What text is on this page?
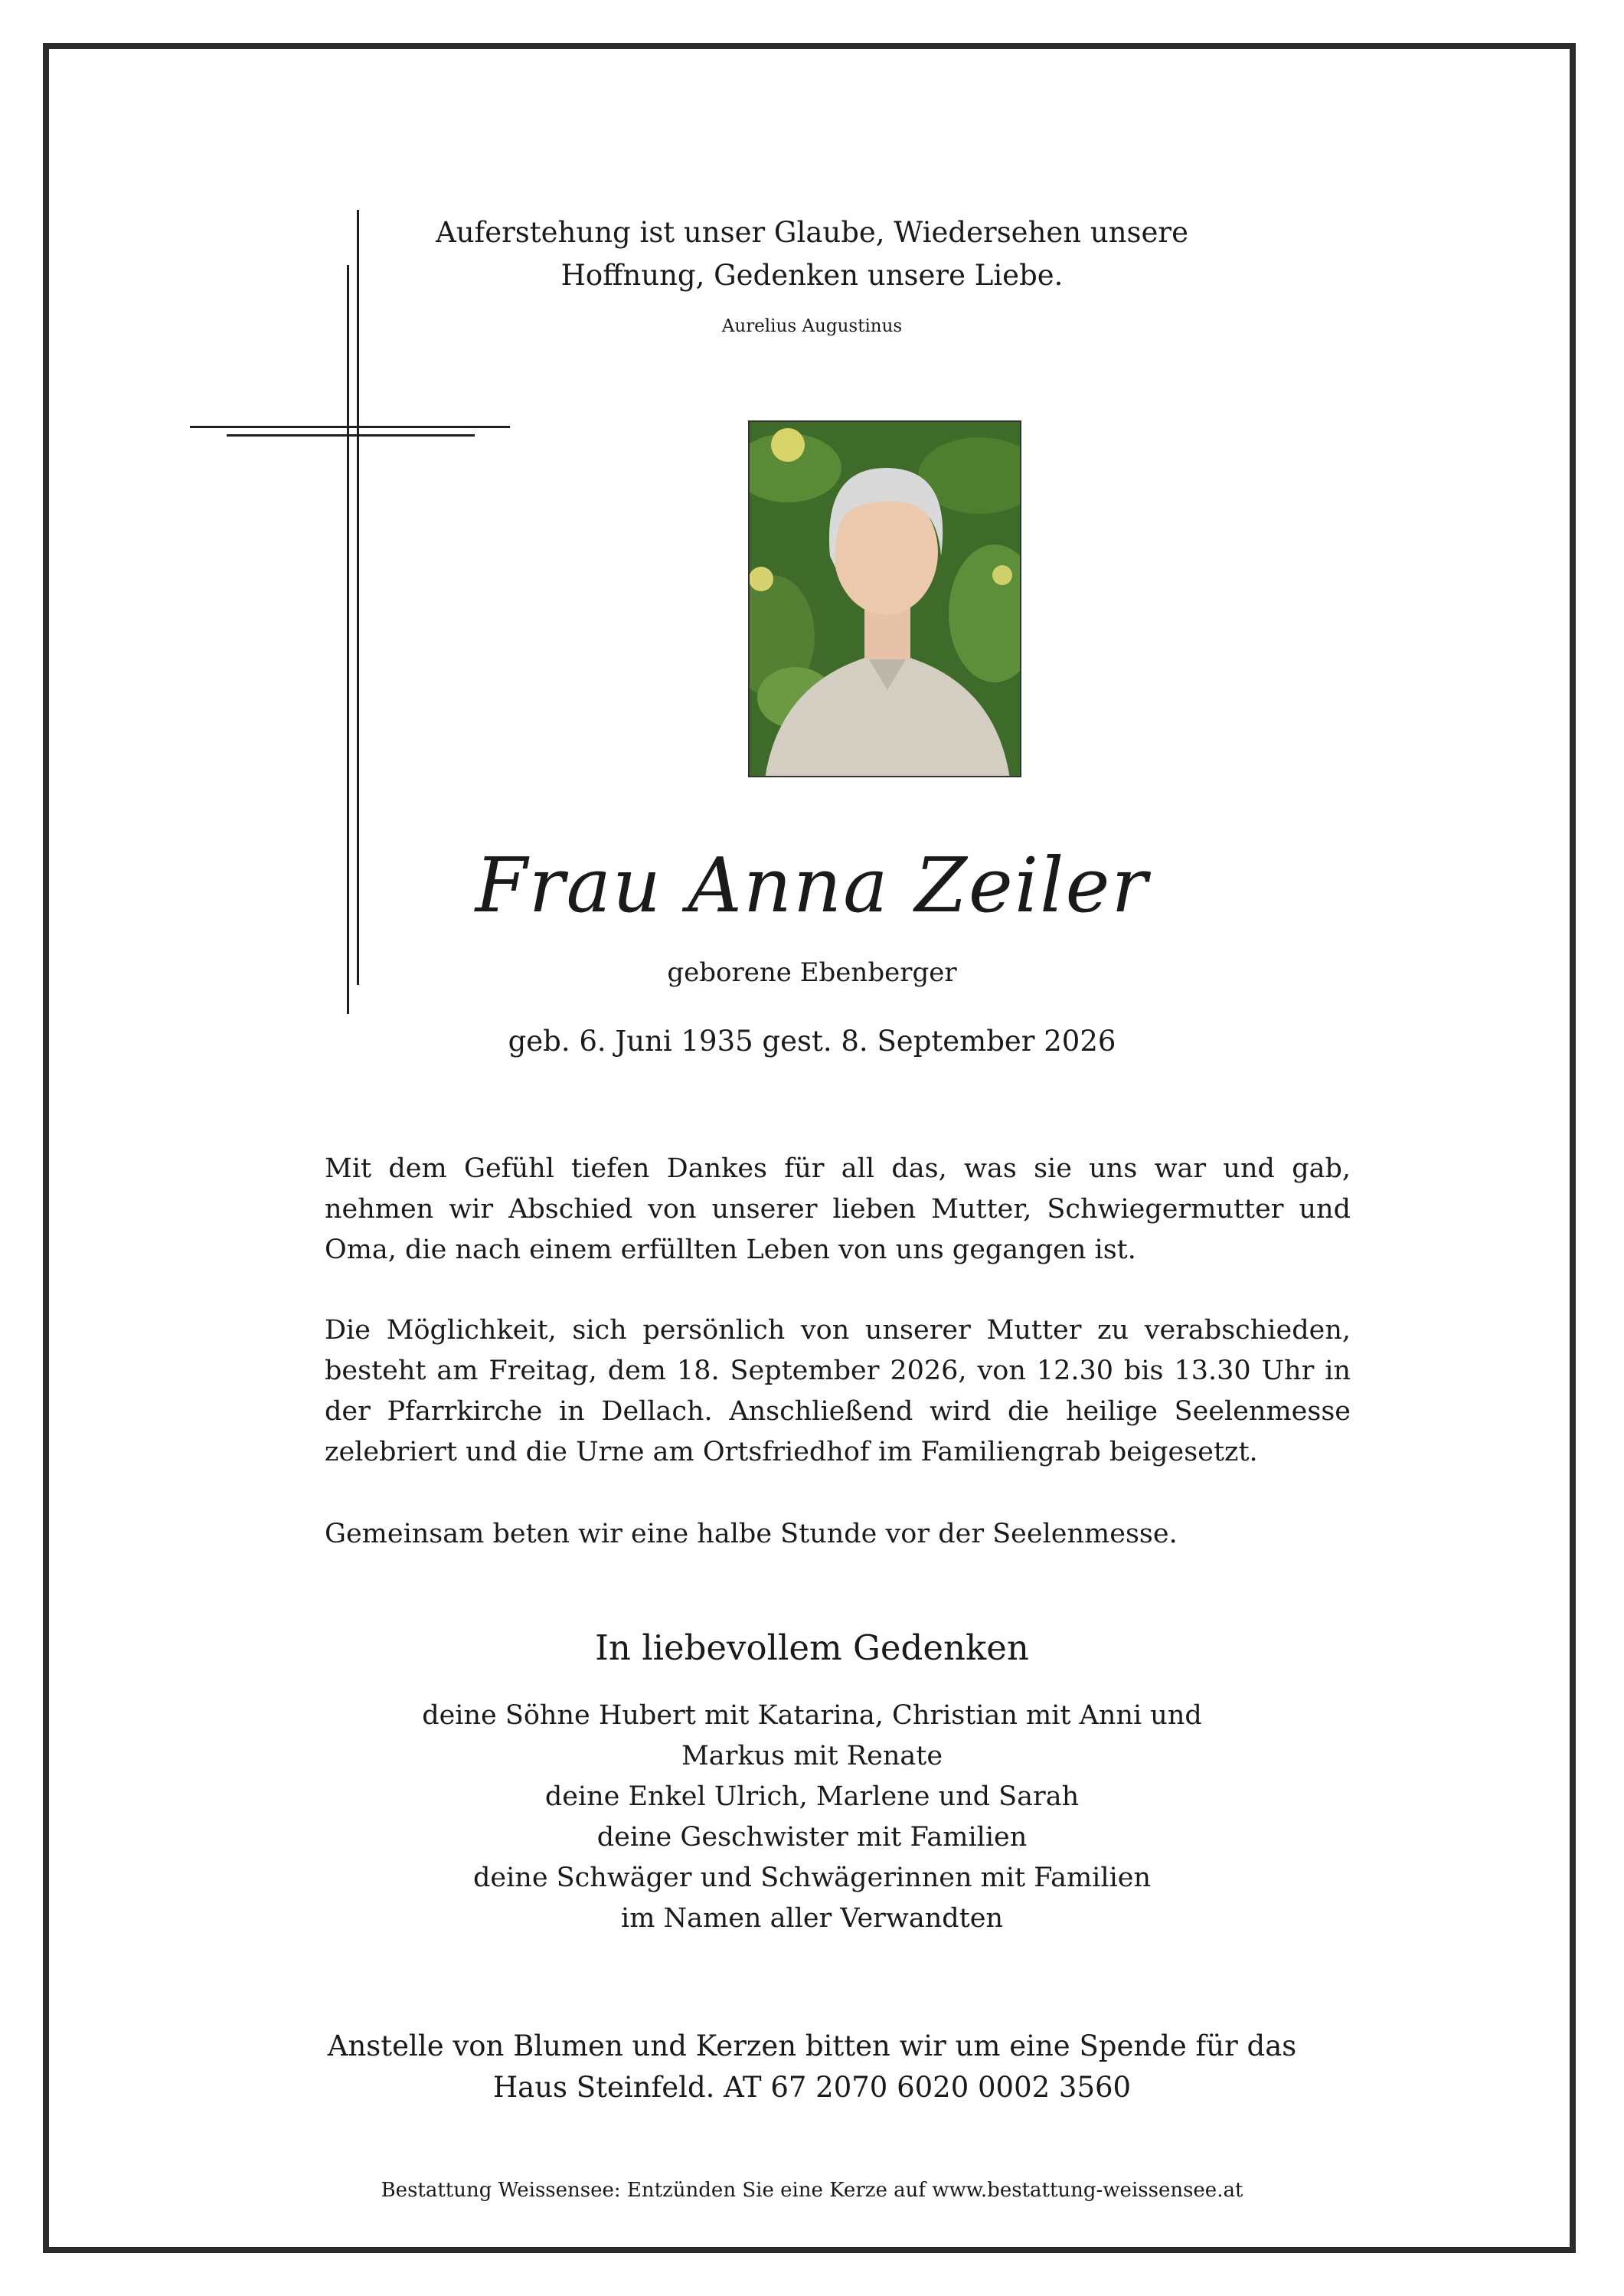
Auferstehung ist unser Glaube, Wiedersehen unsere

Hoffnung, Gedenken unsere Liebe.

Aurelius Augustinus
Frau Anna Zeiler
geborene Ebenberger
geb. 6. Juni 1935 gest. 8. September 2026

Mit dem Gefühl tiefen Dankes für all das, was sie uns war und gab, nehmen wir Abschied von unserer lieben Mutter, Schwiegermutter und Oma, die nach einem erfüllten Leben von uns gegangen ist.

Die Möglichkeit, sich persönlich von unserer Mutter zu verabschieden, besteht am Freitag, dem 18. September 2026, von 12.30 bis 13.30 Uhr in der Pfarrkirche in Dellach. Anschließend wird die heilige Seelenmesse zelebriert und die Urne am Ortsfriedhof im Familiengrab beigesetzt.

Gemeinsam beten wir eine halbe Stunde vor der Seelenmesse.

In liebevollem Gedenken

deine Söhne Hubert mit Katarina, Christian mit Anni und

Markus mit Renate

deine Enkel Ulrich, Marlene und Sarah

deine Geschwister mit Familien

deine Schwäger und Schwägerinnen mit Familien

im Namen aller Verwandten

Anstelle von Blumen und Kerzen bitten wir um eine Spende für das

Haus Steinfeld. AT 67 2070 6020 0002 3560

Bestattung Weissensee: Entzünden Sie eine Kerze auf www.bestattung-weissensee.at
